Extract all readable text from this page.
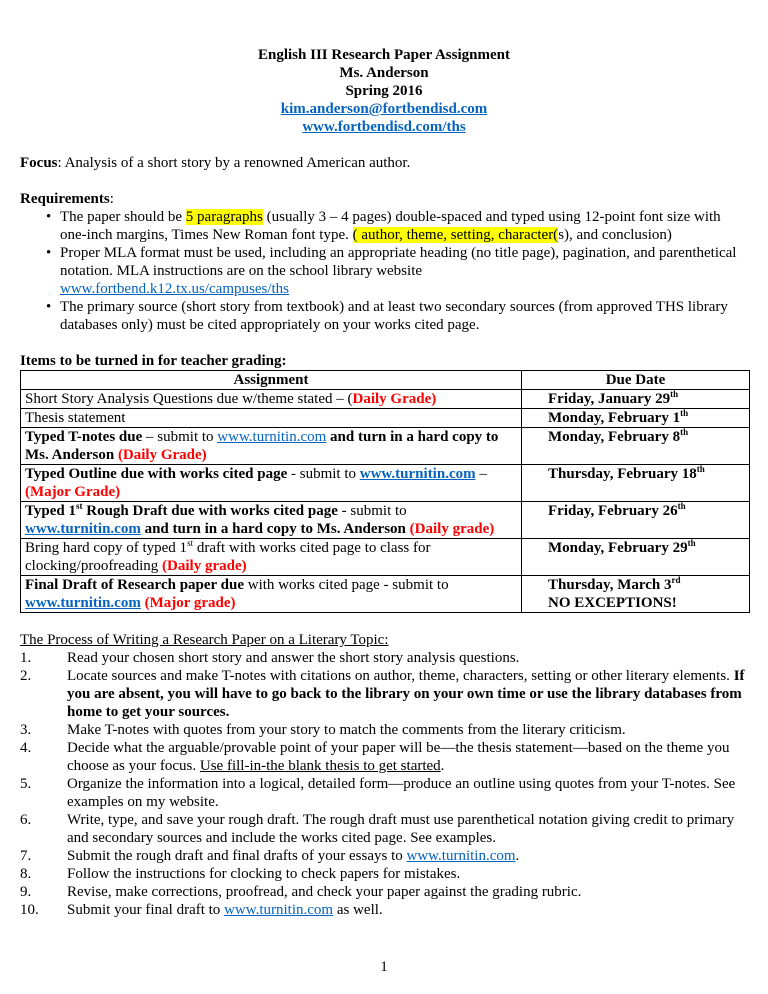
English III Research Paper Assignment
Ms. Anderson
Spring 2016
kim.anderson@fortbendisd.com
www.fortbendisd.com/ths

Focus: Analysis of a short story by a renowned American author.

Requirements:

• The paper should be 5 paragraphs (usually 3 – 4 pages) double-spaced and typed using 12-point font size with one-inch margins, Times New Roman font type. ( author, theme, setting, character(s), and conclusion)
• Proper MLA format must be used, including an appropriate heading (no title page), pagination, and parenthetical notation. MLA instructions are on the school library website
www.fortbend.k12.tx.us/campuses/ths
• The primary source (short story from textbook) and at least two secondary sources (from approved THS library databases only) must be cited appropriately on your works cited page.

Items to be turned in for teacher grading:

Assignment	Due Date
Short Story Analysis Questions due w/theme stated – (Daily Grade)	Friday, January 29th
Thesis statement	Monday, February 1th
Typed T-notes due – submit to www.turnitin.com and turn in a hard copy to Ms. Anderson (Daily Grade)	Monday, February 8th
Typed Outline due with works cited page - submit to www.turnitin.com – (Major Grade)	Thursday, February 18th
Typed 1st Rough Draft due with works cited page - submit to www.turnitin.com and turn in a hard copy to Ms. Anderson (Daily grade)	Friday, February 26th
Bring hard copy of typed 1st draft with works cited page to class for clocking/proofreading (Daily grade)	Monday, February 29th
Final Draft of Research paper due with works cited page - submit to
www.turnitin.com (Major grade)	Thursday, March 3rd
NO EXCEPTIONS!

The Process of Writing a Research Paper on a Literary Topic:

1. Read your chosen short story and answer the short story analysis questions.
2. Locate sources and make T-notes with citations on author, theme, characters, setting or other literary elements. If you are absent, you will have to go back to the library on your own time or use the library databases from home to get your sources.
3. Make T-notes with quotes from your story to match the comments from the literary criticism.
4. Decide what the arguable/provable point of your paper will be—the thesis statement—based on the theme you choose as your focus. Use fill-in-the blank thesis to get started.
5. Organize the information into a logical, detailed form—produce an outline using quotes from your T-notes. See examples on my website.
6. Write, type, and save your rough draft. The rough draft must use parenthetical notation giving credit to primary and secondary sources and include the works cited page. See examples.
7. Submit the rough draft and final drafts of your essays to www.turnitin.com.
8. Follow the instructions for clocking to check papers for mistakes.
9. Revise, make corrections, proofread, and check your paper against the grading rubric.
10. Submit your final draft to www.turnitin.com as well.
1
